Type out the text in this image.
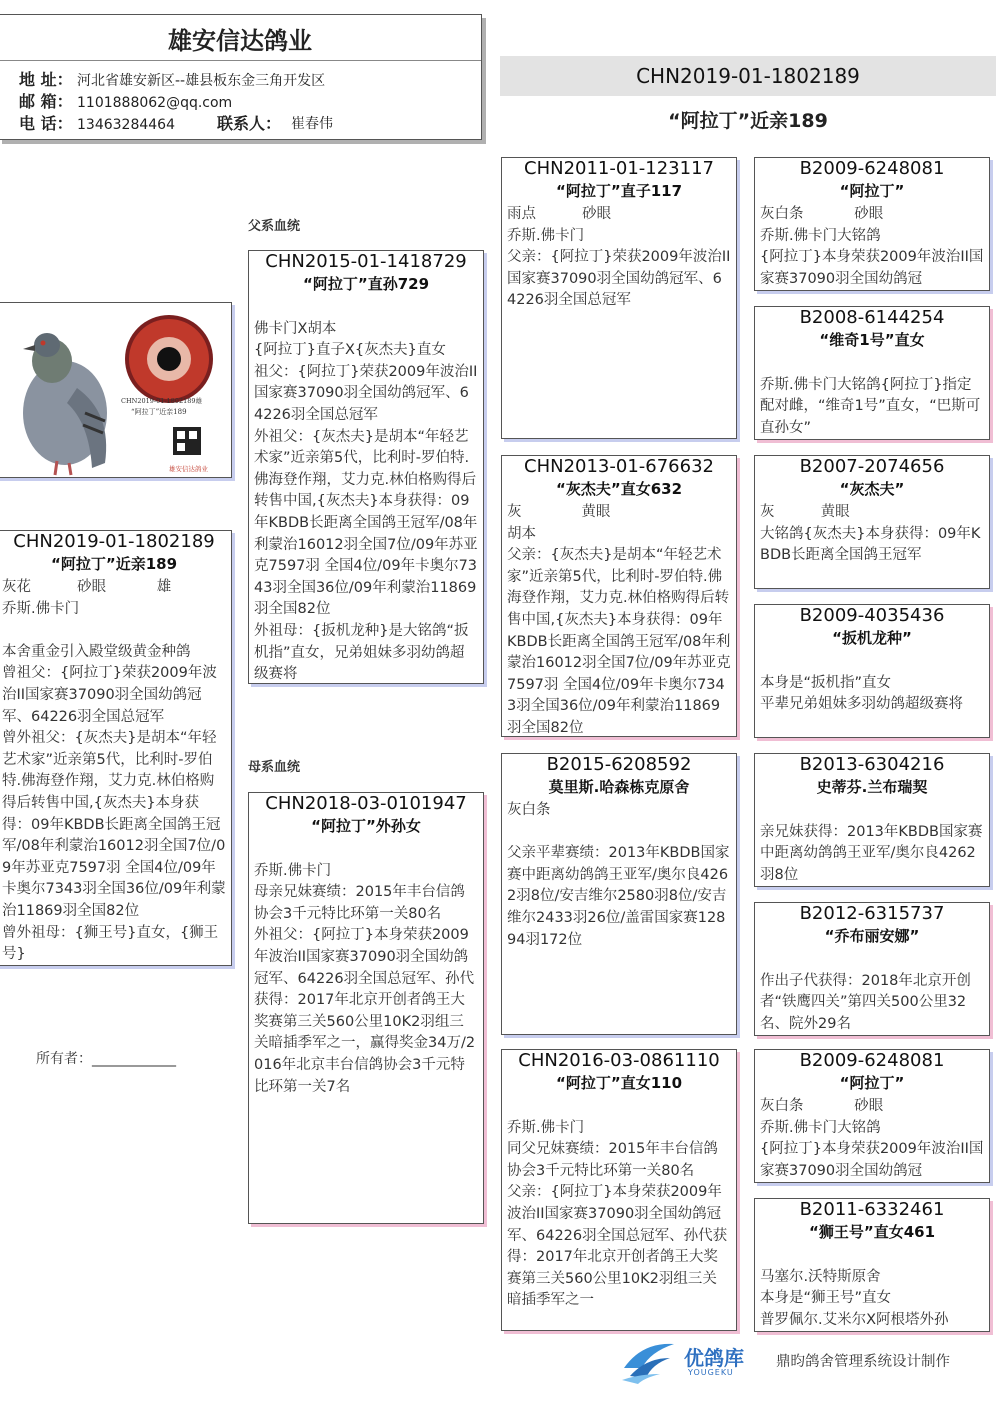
雄安信达鸽业
地 址： 河北省雄安新区--雄县板东金三角开发区
邮 箱： 1101888062@qq.com
电 话： 13463284464	联系人： 崔春伟
CHN2019-01-1802189
“阿拉丁”近亲189
父系血统
母系血统
CHN2019-01-1802189雄
“阿拉丁”近亲189
雄安信达鸽业
CHN2019-01-1802189
“阿拉丁”近亲189
灰花          砂眼           雄
乔斯.佛卡门

本舍重金引入殿堂级黄金种鸽
曾祖父：{阿拉丁}荣获2009年波治II国家赛37090羽全国幼鸽冠军、64226羽全国总冠军
曾外祖父：{灰杰夫}是胡本“年轻艺术家”近亲第5代，比利时-罗伯特.佛海登作翔，艾力克.林伯格购得后转售中国,{灰杰夫}本身获得：09年KBDB长距离全国鸽王冠军/08年利蒙治16012羽全国7位/09年苏亚克7597羽 全国4位/09年卡奥尔7343羽全国36位/09年利蒙治11869羽全国82位
曾外祖母：{狮王号}直女，{狮王号}
所有者：____________
CHN2015-01-1418729
“阿拉丁”直孙729

佛卡门X胡本
{阿拉丁}直子X{灰杰夫}直女
祖父：{阿拉丁}荣获2009年波治II国家赛37090羽全国幼鸽冠军、64226羽全国总冠军
外祖父：{灰杰夫}是胡本“年轻艺术家”近亲第5代，比利时-罗伯特.佛海登作翔，艾力克.林伯格购得后转售中国,{灰杰夫}本身获得：09年KBDB长距离全国鸽王冠军/08年利蒙治16012羽全国7位/09年苏亚克7597羽 全国4位/09年卡奥尔7343羽全国36位/09年利蒙治11869羽全国82位
外祖母：{扳机龙种}是大铭鸽“扳机指”直女，兄弟姐妹多羽幼鸽超级赛将
CHN2018-03-0101947
“阿拉丁”外孙女

乔斯.佛卡门
母亲兄妹赛绩：2015年丰台信鸽协会3千元特比环第一关80名
外祖父：{阿拉丁}本身荣获2009年波治II国家赛37090羽全国幼鸽冠军、64226羽全国总冠军、孙代获得：2017年北京开创者鸽王大奖赛第三关560公里10K2羽组三关暗插季军之一，赢得奖金34万/2016年北京丰台信鸽协会3千元特比环第一关7名
CHN2011-01-123117
“阿拉丁”直子117
雨点          砂眼
乔斯.佛卡门
父亲：{阿拉丁}荣获2009年波治II国家赛37090羽全国幼鸽冠军、64226羽全国总冠军
CHN2013-01-676632
“灰杰夫”直女632
灰             黄眼
胡本
父亲：{灰杰夫}是胡本“年轻艺术家”近亲第5代，比利时-罗伯特.佛海登作翔，艾力克.林伯格购得后转售中国,{灰杰夫}本身获得：09年KBDB长距离全国鸽王冠军/08年利蒙治16012羽全国7位/09年苏亚克7597羽 全国4位/09年卡奥尔7343羽全国36位/09年利蒙治11869羽全国82位
B2015-6208592
莫里斯.哈森栋克原舍
灰白条

父亲平辈赛绩：2013年KBDB国家赛中距离幼鸽鸽王亚军/奥尔良4262羽8位/安吉维尔2580羽8位/安吉维尔2433羽26位/盖雷国家赛12894羽172位
CHN2016-03-0861110
“阿拉丁”直女110

乔斯.佛卡门
同父兄妹赛绩：2015年丰台信鸽协会3千元特比环第一关80名
父亲：{阿拉丁}本身荣获2009年波治II国家赛37090羽全国幼鸽冠军、64226羽全国总冠军、孙代获得：2017年北京开创者鸽王大奖赛第三关560公里10K2羽组三关暗插季军之一
B2009-6248081
“阿拉丁”
灰白条           砂眼
乔斯.佛卡门大铭鸽
{阿拉丁}本身荣获2009年波治II国家赛37090羽全国幼鸽冠
B2008-6144254
“维奇1号”直女

乔斯.佛卡门大铭鸽{阿拉丁}指定配对雌，“维奇1号”直女，“巴斯可直孙女”
B2007-2074656
“灰杰夫”
灰          黄眼
大铭鸽{灰杰夫}本身获得：09年KBDB长距离全国鸽王冠军
B2009-4035436
“扳机龙种”

本身是“扳机指”直女
平辈兄弟姐妹多羽幼鸽超级赛将
B2013-6304216
史蒂芬.兰布瑞契

亲兄妹获得：2013年KBDB国家赛中距离幼鸽鸽王亚军/奥尔良4262羽8位
B2012-6315737
“乔布丽安娜”

作出子代获得：2018年北京开创者“铁鹰四关”第四关500公里32名、院外29名
B2009-6248081
“阿拉丁”
灰白条           砂眼
乔斯.佛卡门大铭鸽
{阿拉丁}本身荣获2009年波治II国家赛37090羽全国幼鸽冠
B2011-6332461
“狮王号”直女461

马塞尔.沃特斯原舍
本身是“狮王号”直女
普罗佩尔.艾米尔X阿根塔外孙
优鸽库
YOUGEKU
鼎昀鸽舍管理系统设计制作
